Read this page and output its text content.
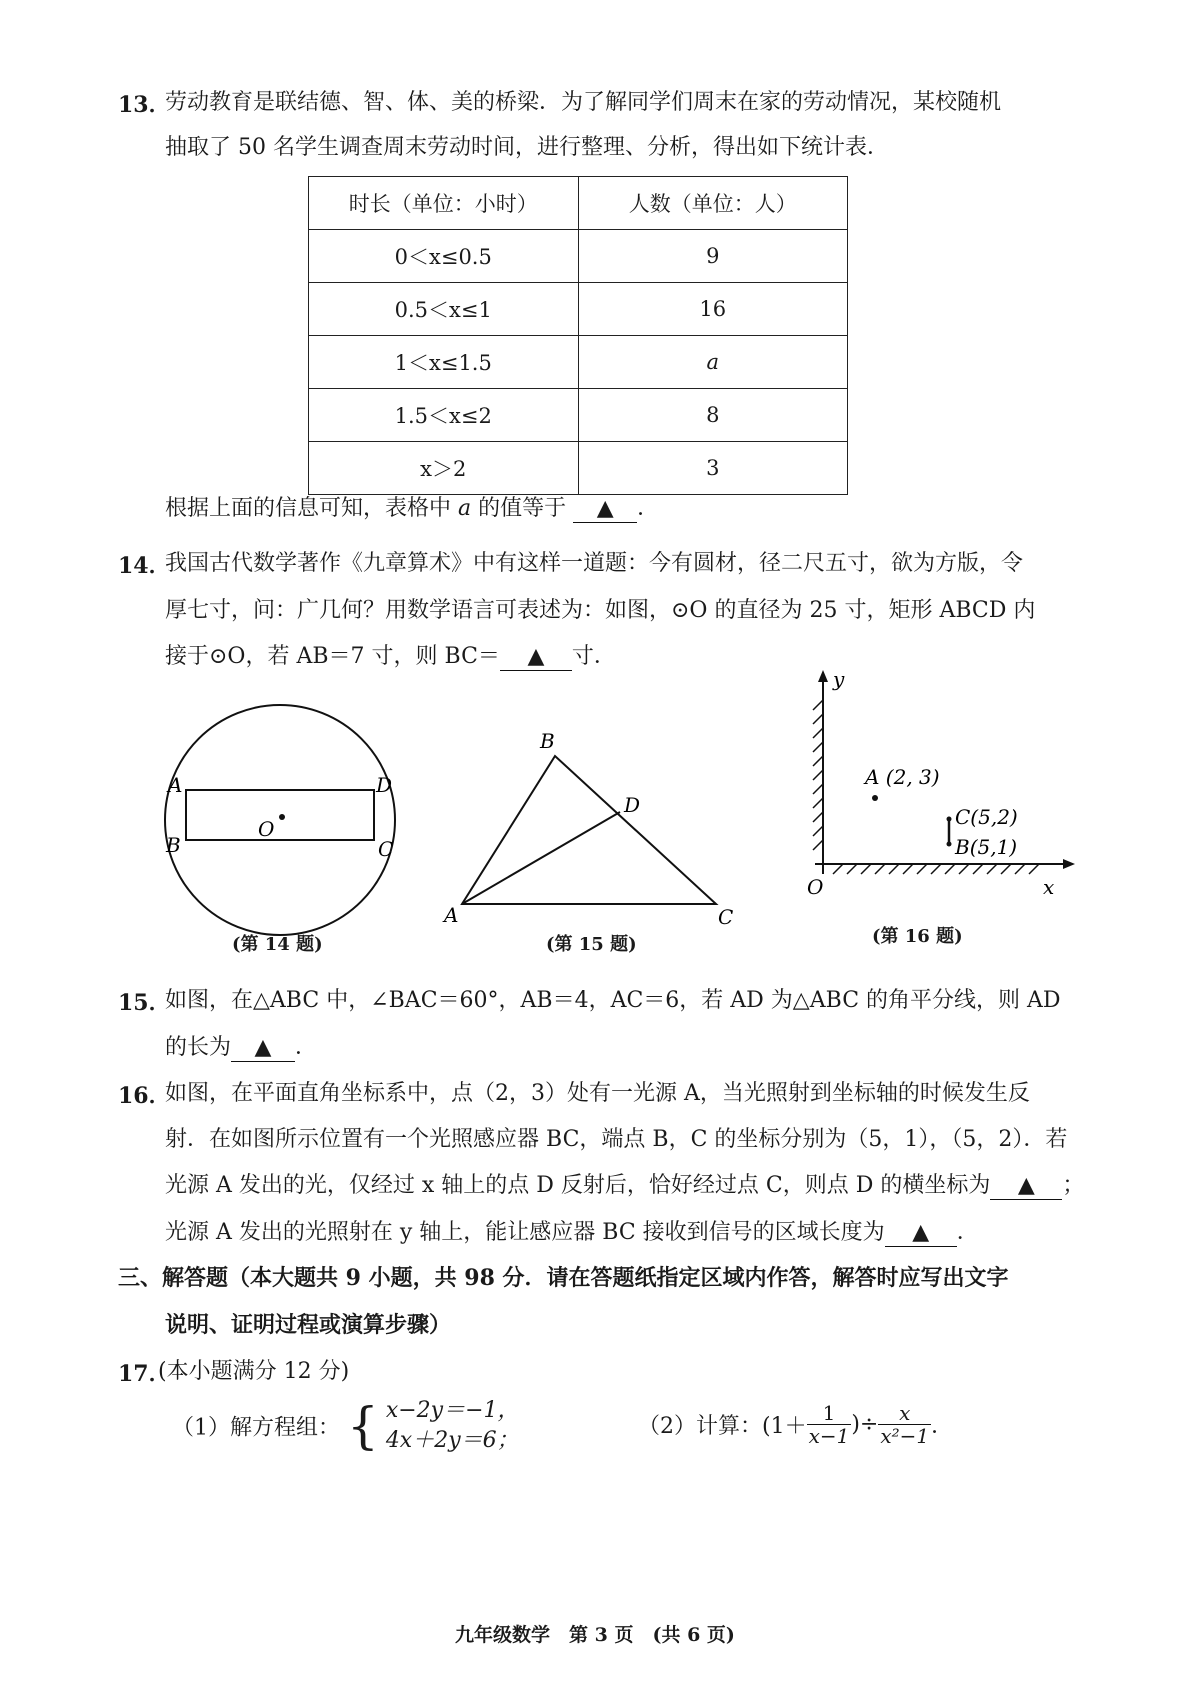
13．
劳动教育是联结德、智、体、美的桥梁．为了解同学们周末在家的劳动情况，某校随机
抽取了 50 名学生调查周末劳动时间，进行整理、分析，得出如下统计表．
时长（单位：小时）	人数（单位：人）
0＜x≤0.5	9
0.5＜x≤1	16
1＜x≤1.5	a
1.5＜x≤2	8
x＞2	3
根据上面的信息可知，表格中 a 的值等于 ▲ ．
14．
我国古代数学著作《九章算术》中有这样一道题：今有圆材，径二尺五寸，欲为方版，令
厚七寸，问：广几何？用数学语言可表述为：如图，⊙O 的直径为 25 寸，矩形 ABCD 内
接于⊙O，若 AB＝7 寸，则 BC＝ ▲ 寸．
A
B
D
C
O
(第 14 题)
B
D
A	C
(第 15 题)
y
x
O
A (2, 3)
C(5,2)
B(5,1)
(第 16 题)
15．
如图，在△ABC 中，∠BAC＝60°，AB＝4，AC＝6，若 AD 为△ABC 的角平分线，则 AD
的长为 ▲ ．
16．
如图，在平面直角坐标系中，点（2，3）处有一光源 A，当光照射到坐标轴的时候发生反
射．在如图所示位置有一个光照感应器 BC，端点 B，C 的坐标分别为（5，1），（5，2）．若
光源 A 发出的光，仅经过 x 轴上的点 D 反射后，恰好经过点 C，则点 D 的横坐标为 ▲ ；
光源 A 发出的光照射在 y 轴上，能让感应器 BC 接收到信号的区域长度为 ▲ ．
三、解答题（本大题共 9 小题，共 98 分．请在答题纸指定区域内作答，解答时应写出文字
说明、证明过程或演算步骤）
17．
(本小题满分 12 分)
（1）解方程组： { x−2y＝−1，
4x＋2y＝6；
（2）计算：($1+ \frac{1}{x-1}$ )÷ $\frac{x}{\text{x²−1}}$ ．
九年级数学　第 3 页　(共 6 页)
